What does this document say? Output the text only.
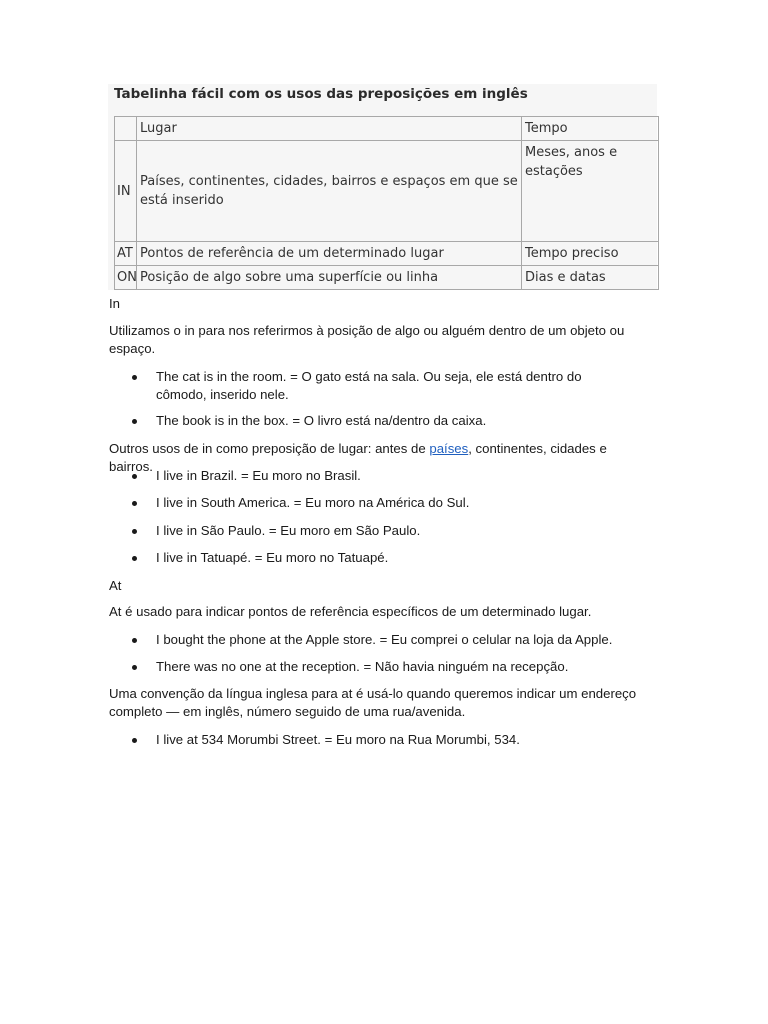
Tabelinha fácil com os usos das preposições em inglês
	Lugar	Tempo
IN	Países, continentes, cidades, bairros e espaços em que se está inserido	Meses, anos e estações
AT	Pontos de referência de um determinado lugar	Tempo preciso
ON	Posição de algo sobre uma superfície ou linha	Dias e datas
In
Utilizamos o in para nos referirmos à posição de algo ou alguém dentro de um objeto ou espaço.
The cat is in the room. = O gato está na sala. Ou seja, ele está dentro do cômodo, inserido nele.
The book is in the box. = O livro está na/dentro da caixa.
Outros usos de in como preposição de lugar: antes de países, continentes, cidades e bairros.
I live in Brazil. = Eu moro no Brasil.
I live in South America. = Eu moro na América do Sul.
I live in São Paulo. = Eu moro em São Paulo.
I live in Tatuapé. = Eu moro no Tatuapé.
At
At é usado para indicar pontos de referência específicos de um determinado lugar.
I bought the phone at the Apple store. = Eu comprei o celular na loja da Apple.
There was no one at the reception. = Não havia ninguém na recepção.
Uma convenção da língua inglesa para at é usá-lo quando queremos indicar um endereço completo — em inglês, número seguido de uma rua/avenida.
I live at 534 Morumbi Street. = Eu moro na Rua Morumbi, 534.
